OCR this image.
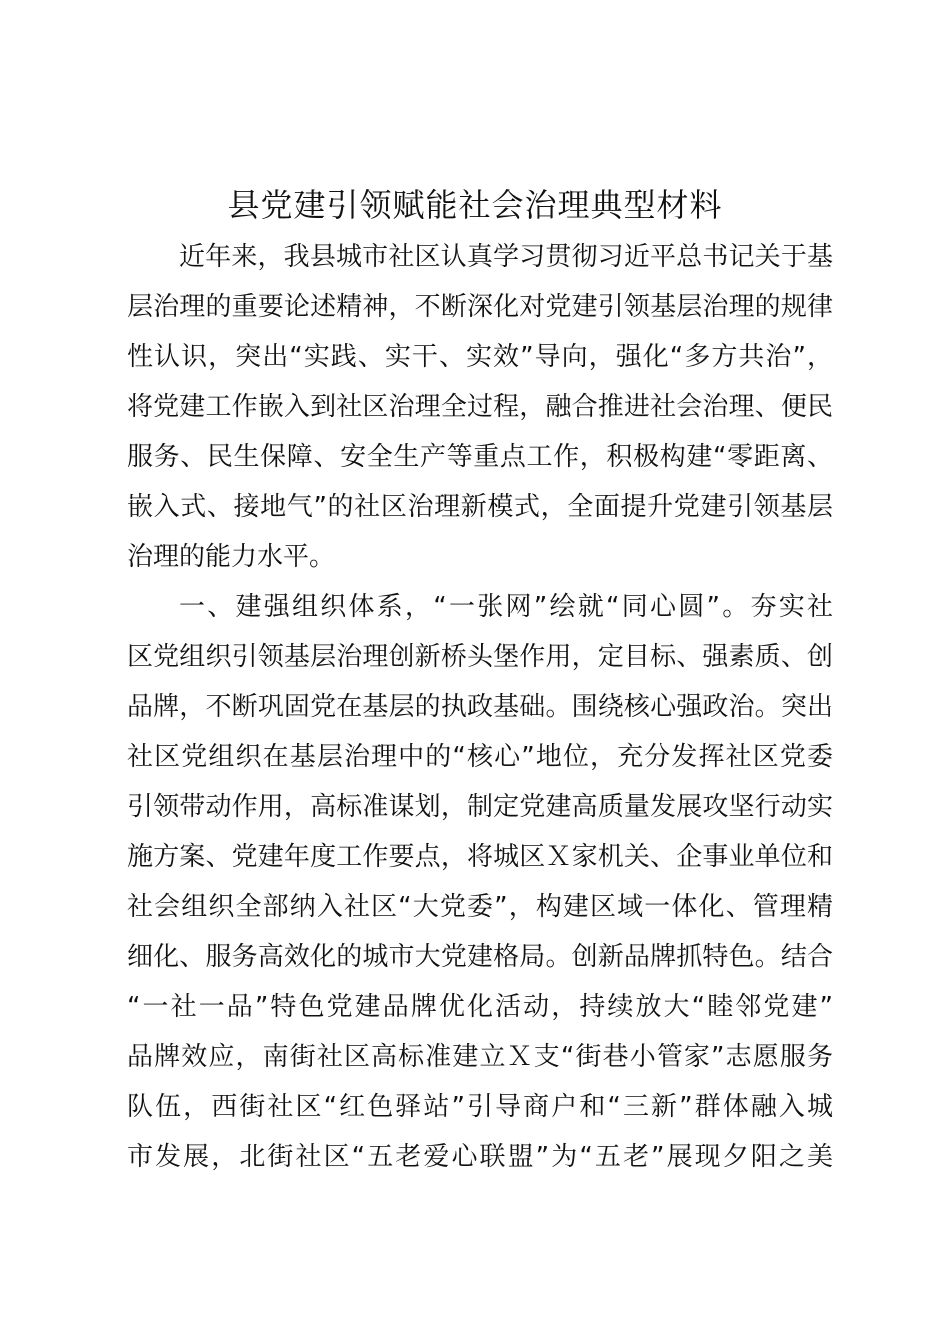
县党建引领赋能社会治理典型材料
近年来，我县城市社区认真学习贯彻习近平总书记关于基
层治理的重要论述精神，不断深化对党建引领基层治理的规律
性认识，突出“实践、实干、实效”导向，强化“多方共治”，
将党建工作嵌入到社区治理全过程，融合推进社会治理、便民
服务、民生保障、安全生产等重点工作，积极构建“零距离、
嵌入式、接地气”的社区治理新模式，全面提升党建引领基层
治理的能力水平。
一、建强组织体系，“一张网”绘就“同心圆”。夯实社
区党组织引领基层治理创新桥头堡作用，定目标、强素质、创
品牌，不断巩固党在基层的执政基础。围绕核心强政治。突出
社区党组织在基层治理中的“核心”地位，充分发挥社区党委
引领带动作用，高标准谋划，制定党建高质量发展攻坚行动实
施方案、党建年度工作要点，将城区Ｘ家机关、企事业单位和
社会组织全部纳入社区“大党委”，构建区域一体化、管理精
细化、服务高效化的城市大党建格局。创新品牌抓特色。结合
“一社一品”特色党建品牌优化活动，持续放大“睦邻党建”
品牌效应，南街社区高标准建立Ｘ支“街巷小管家”志愿服务
队伍，西街社区“红色驿站”引导商户和“三新”群体融入城
市发展，北街社区“五老爱心联盟”为“五老”展现夕阳之美
